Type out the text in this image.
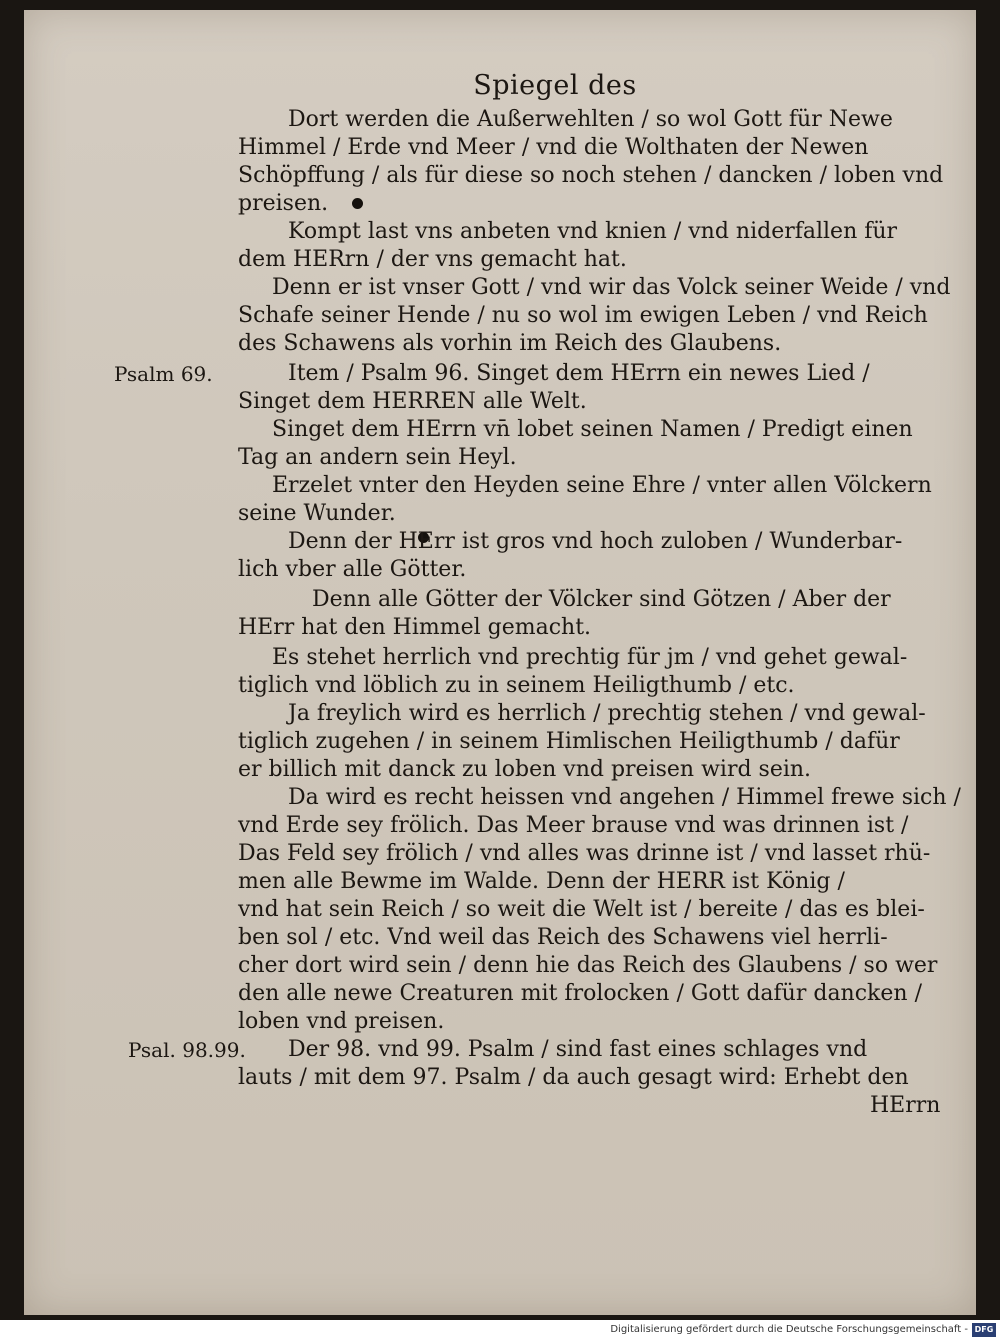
Spiegel des
Dort werden die Außerwehlten / so wol Gott für Newe
Himmel / Erde vnd Meer / vnd die Wolthaten der Newen
Schöpffung / als für diese so noch stehen / dancken / loben vnd
preisen.
Kompt last vns anbeten vnd knien / vnd niderfallen für
dem HERrn / der vns gemacht hat.
Denn er ist vnser Gott / vnd wir das Volck seiner Weide / vnd
Schafe seiner Hende / nu so wol im ewigen Leben / vnd Reich
des Schawens als vorhin im Reich des Glaubens.
Psalm 69.	Item / Psalm 96. Singet dem HErrn ein newes Lied /
Singet dem HERREN alle Welt.
Singet dem HErrn vn̄ lobet seinen Namen / Predigt einen
Tag an andern sein Heyl.
Erzelet vnter den Heyden seine Ehre / vnter allen Völckern
seine Wunder.
Denn der HErr ist gros vnd hoch zuloben / Wunderbar-
lich vber alle Götter.
Denn alle Götter der Völcker sind Götzen / Aber der
HErr hat den Himmel gemacht.
Es stehet herrlich vnd prechtig für jm / vnd gehet gewal-
tiglich vnd löblich zu in seinem Heiligthumb / etc.
Ja freylich wird es herrlich / prechtig stehen / vnd gewal-
tiglich zugehen / in seinem Himlischen Heiligthumb / dafür
er billich mit danck zu loben vnd preisen wird sein.
Da wird es recht heissen vnd angehen / Himmel frewe sich /
vnd Erde sey frölich. Das Meer brause vnd was drinnen ist /
Das Feld sey frölich / vnd alles was drinne ist / vnd lasset rhü-
men alle Bewme im Walde. Denn der HERR ist König /
vnd hat sein Reich / so weit die Welt ist / bereite / das es blei-
ben sol / etc. Vnd weil das Reich des Schawens viel herrli-
cher dort wird sein / denn hie das Reich des Glaubens / so wer
den alle newe Creaturen mit frolocken / Gott dafür dancken /
loben vnd preisen.
Psal. 98.99. Der 98. vnd 99. Psalm / sind fast eines schlages vnd
lauts / mit dem 97. Psalm / da auch gesagt wird: Erhebt den
HErrn
Digitalisierung gefördert durch die Deutsche Forschungsgemeinschaft - DFG
